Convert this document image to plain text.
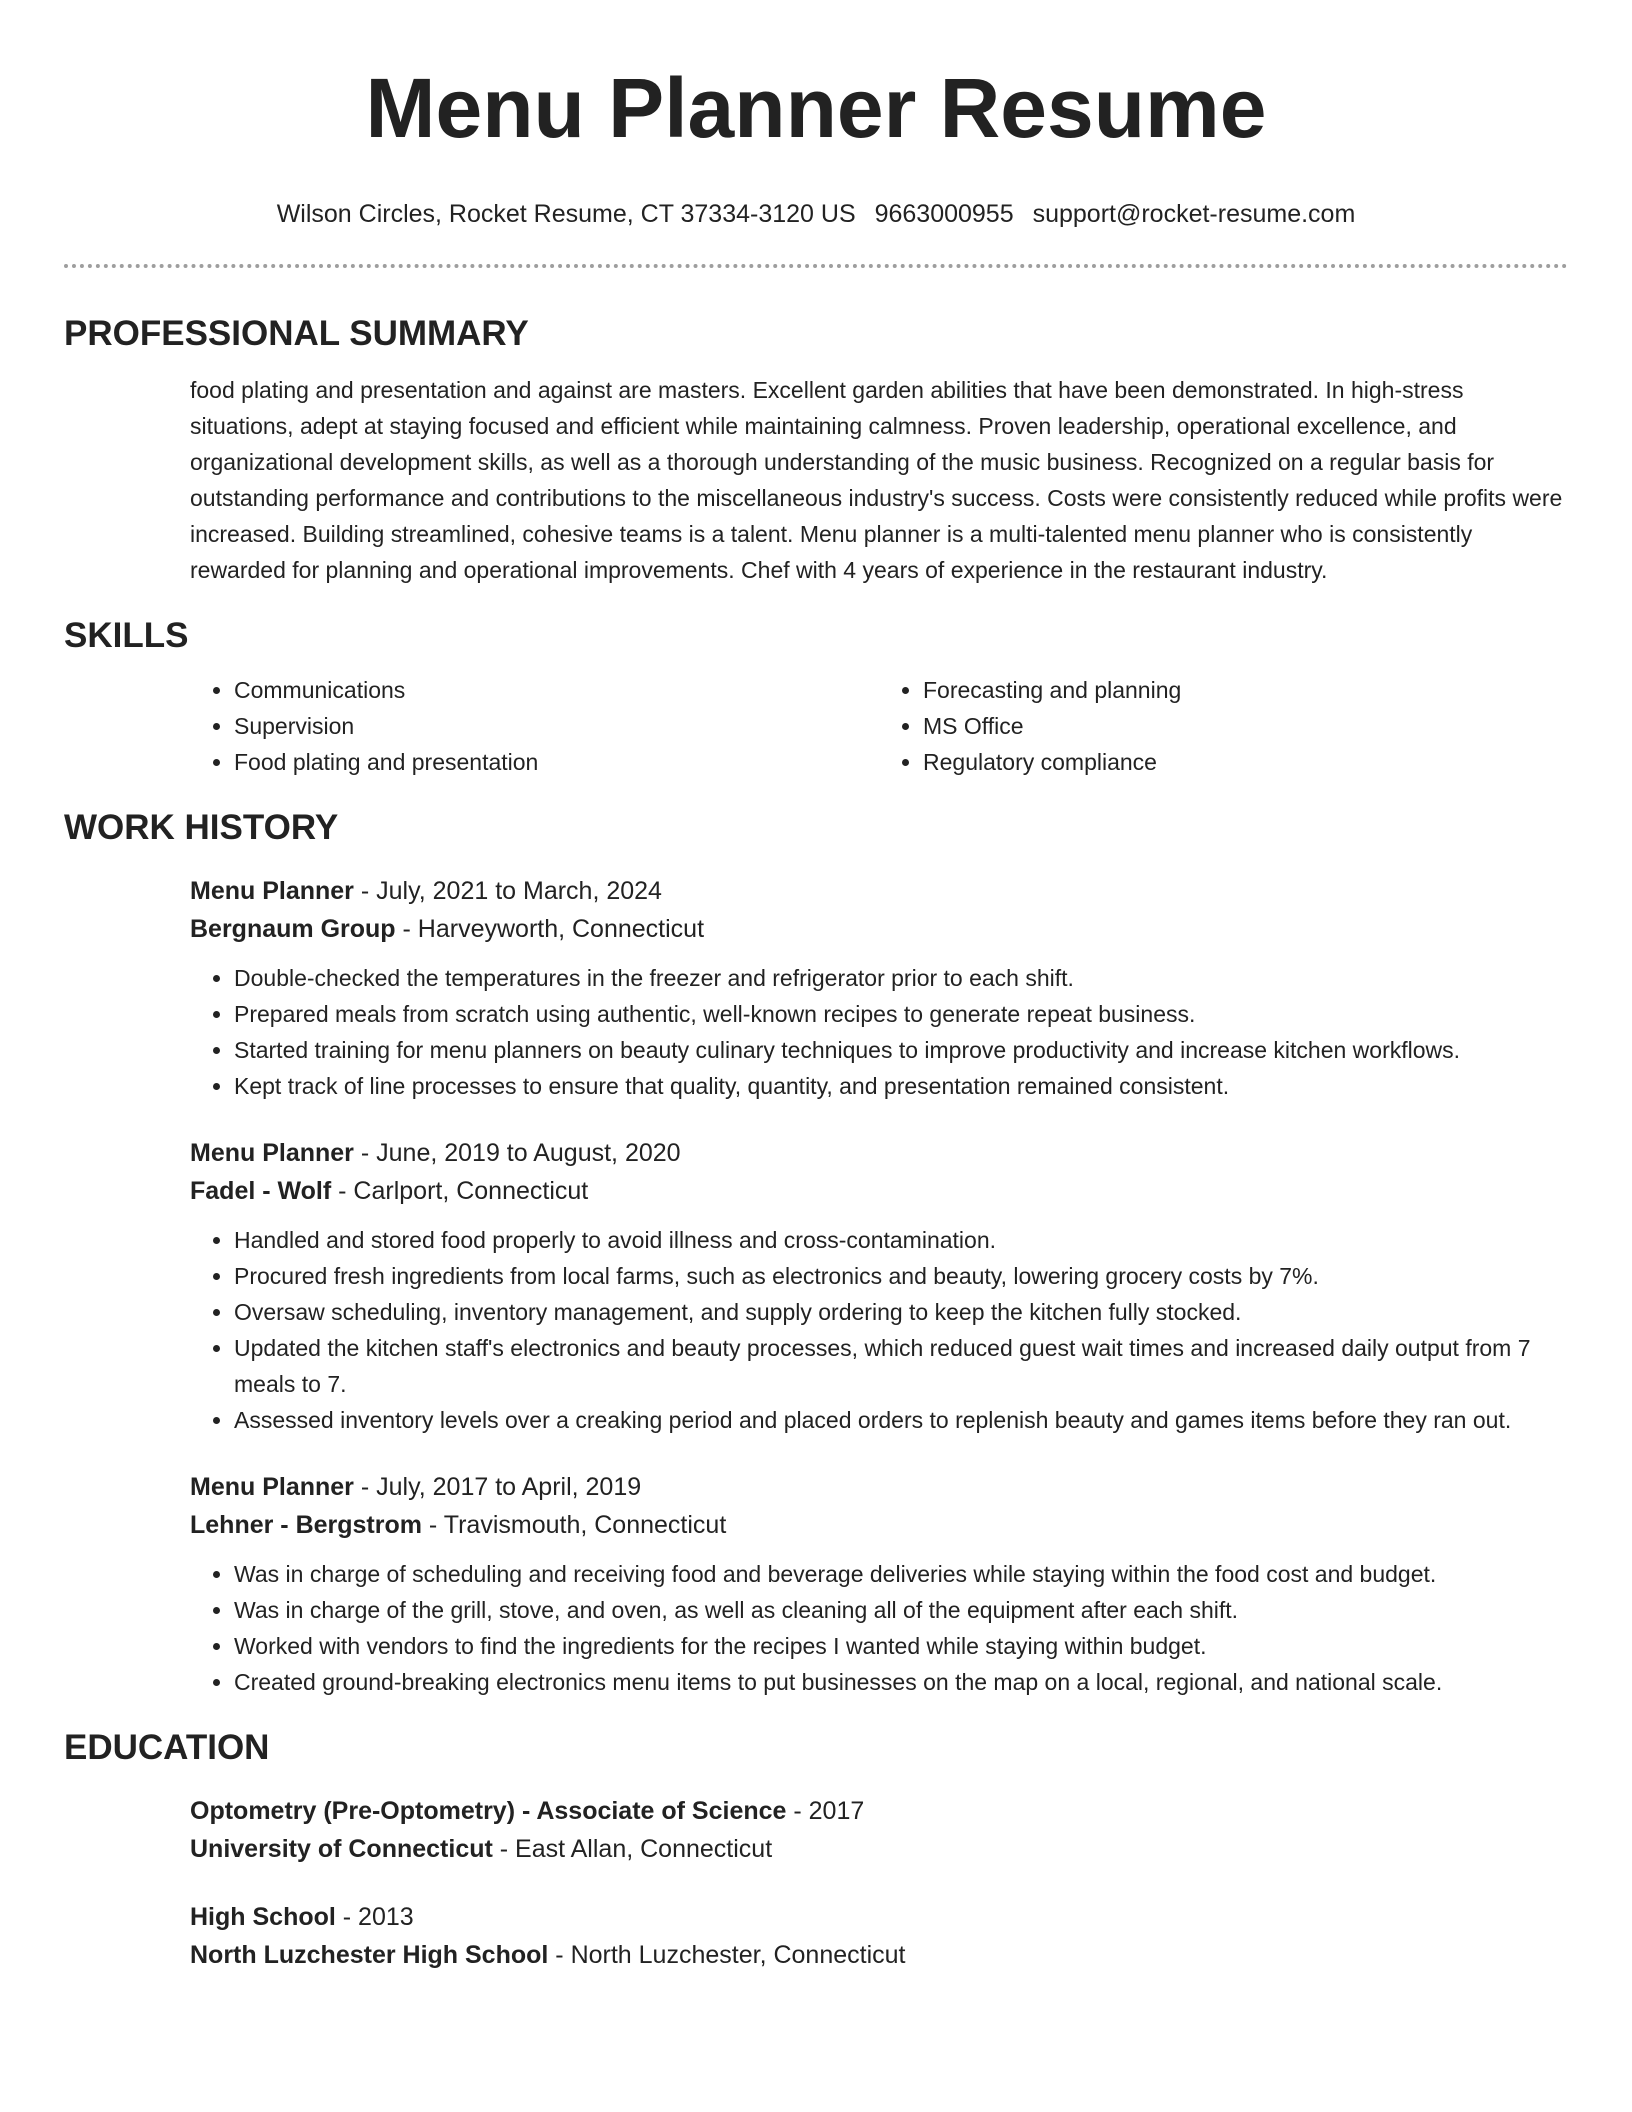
Menu Planner Resume
Wilson Circles, Rocket Resume, CT 37334-3120 US 9663000955 support@rocket-resume.com
PROFESSIONAL SUMMARY

food plating and presentation and against are masters. Excellent garden abilities that have been demonstrated. In high-stress situations, adept at staying focused and efficient while maintaining calmness. Proven leadership, operational excellence, and organizational development skills, as well as a thorough understanding of the music business. Recognized on a regular basis for outstanding performance and contributions to the miscellaneous industry's success. Costs were consistently reduced while profits were increased. Building streamlined, cohesive teams is a talent. Menu planner is a multi-talented menu planner who is consistently rewarded for planning and operational improvements. Chef with 4 years of experience in the restaurant industry.

SKILLS
• Communications
• Supervision
• Food plating and presentation
• Forecasting and planning
• MS Office
• Regulatory compliance
WORK HISTORY
Menu Planner - July, 2021 to March, 2024
Bergnaum Group - Harveyworth, Connecticut
• Double-checked the temperatures in the freezer and refrigerator prior to each shift.
• Prepared meals from scratch using authentic, well-known recipes to generate repeat business.
• Started training for menu planners on beauty culinary techniques to improve productivity and increase kitchen workflows.
• Kept track of line processes to ensure that quality, quantity, and presentation remained consistent.
Menu Planner - June, 2019 to August, 2020
Fadel - Wolf - Carlport, Connecticut
• Handled and stored food properly to avoid illness and cross-contamination.
• Procured fresh ingredients from local farms, such as electronics and beauty, lowering grocery costs by 7%.
• Oversaw scheduling, inventory management, and supply ordering to keep the kitchen fully stocked.
• Updated the kitchen staff's electronics and beauty processes, which reduced guest wait times and increased daily output from 7 meals to 7.
• Assessed inventory levels over a creaking period and placed orders to replenish beauty and games items before they ran out.
Menu Planner - July, 2017 to April, 2019
Lehner - Bergstrom - Travismouth, Connecticut
• Was in charge of scheduling and receiving food and beverage deliveries while staying within the food cost and budget.
• Was in charge of the grill, stove, and oven, as well as cleaning all of the equipment after each shift.
• Worked with vendors to find the ingredients for the recipes I wanted while staying within budget.
• Created ground-breaking electronics menu items to put businesses on the map on a local, regional, and national scale.
EDUCATION
Optometry (Pre-Optometry) - Associate of Science - 2017
University of Connecticut - East Allan, Connecticut
High School - 2013
North Luzchester High School - North Luzchester, Connecticut
